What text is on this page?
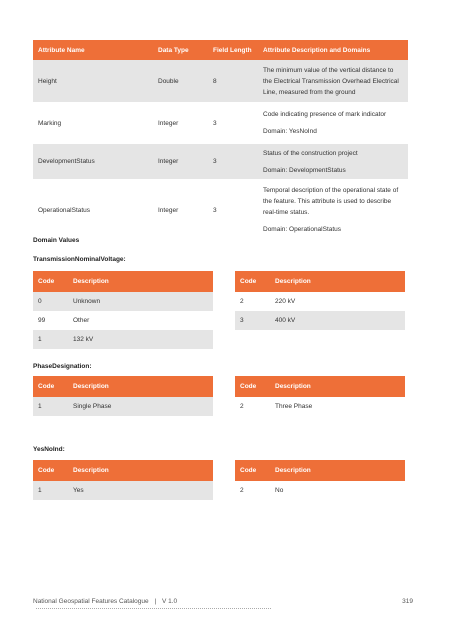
Attribute Name	Data Type	Field Length	Attribute Description and Domains
Height	Double	8	The minimum value of the vertical distance to the Electrical Transmission Overhead Electrical Line, measured from the ground
Marking	Integer	3	Code indicating presence of mark indicator
Domain: YesNoInd

DevelopmentStatus	Integer	3	Status of the construction project
Domain: DevelopmentStatus

OperationalStatus	Integer	3	Temporal description of the operational state of the feature. This attribute is used to describe real-time status.
Domain: OperationalStatus
Domain Values
TransmissionNominalVoltage:
Code	Description
0	Unknown
99	Other
1	132 kV
Code	Description
2	220 kV
3	400 kV
PhaseDesignation:
Code	Description
1	Single Phase
Code	Description
2	Three Phase
YesNoInd:
Code	Description
1	Yes
Code	Description
2	No
National Geospatial Features Catalogue | V 1.0	319
